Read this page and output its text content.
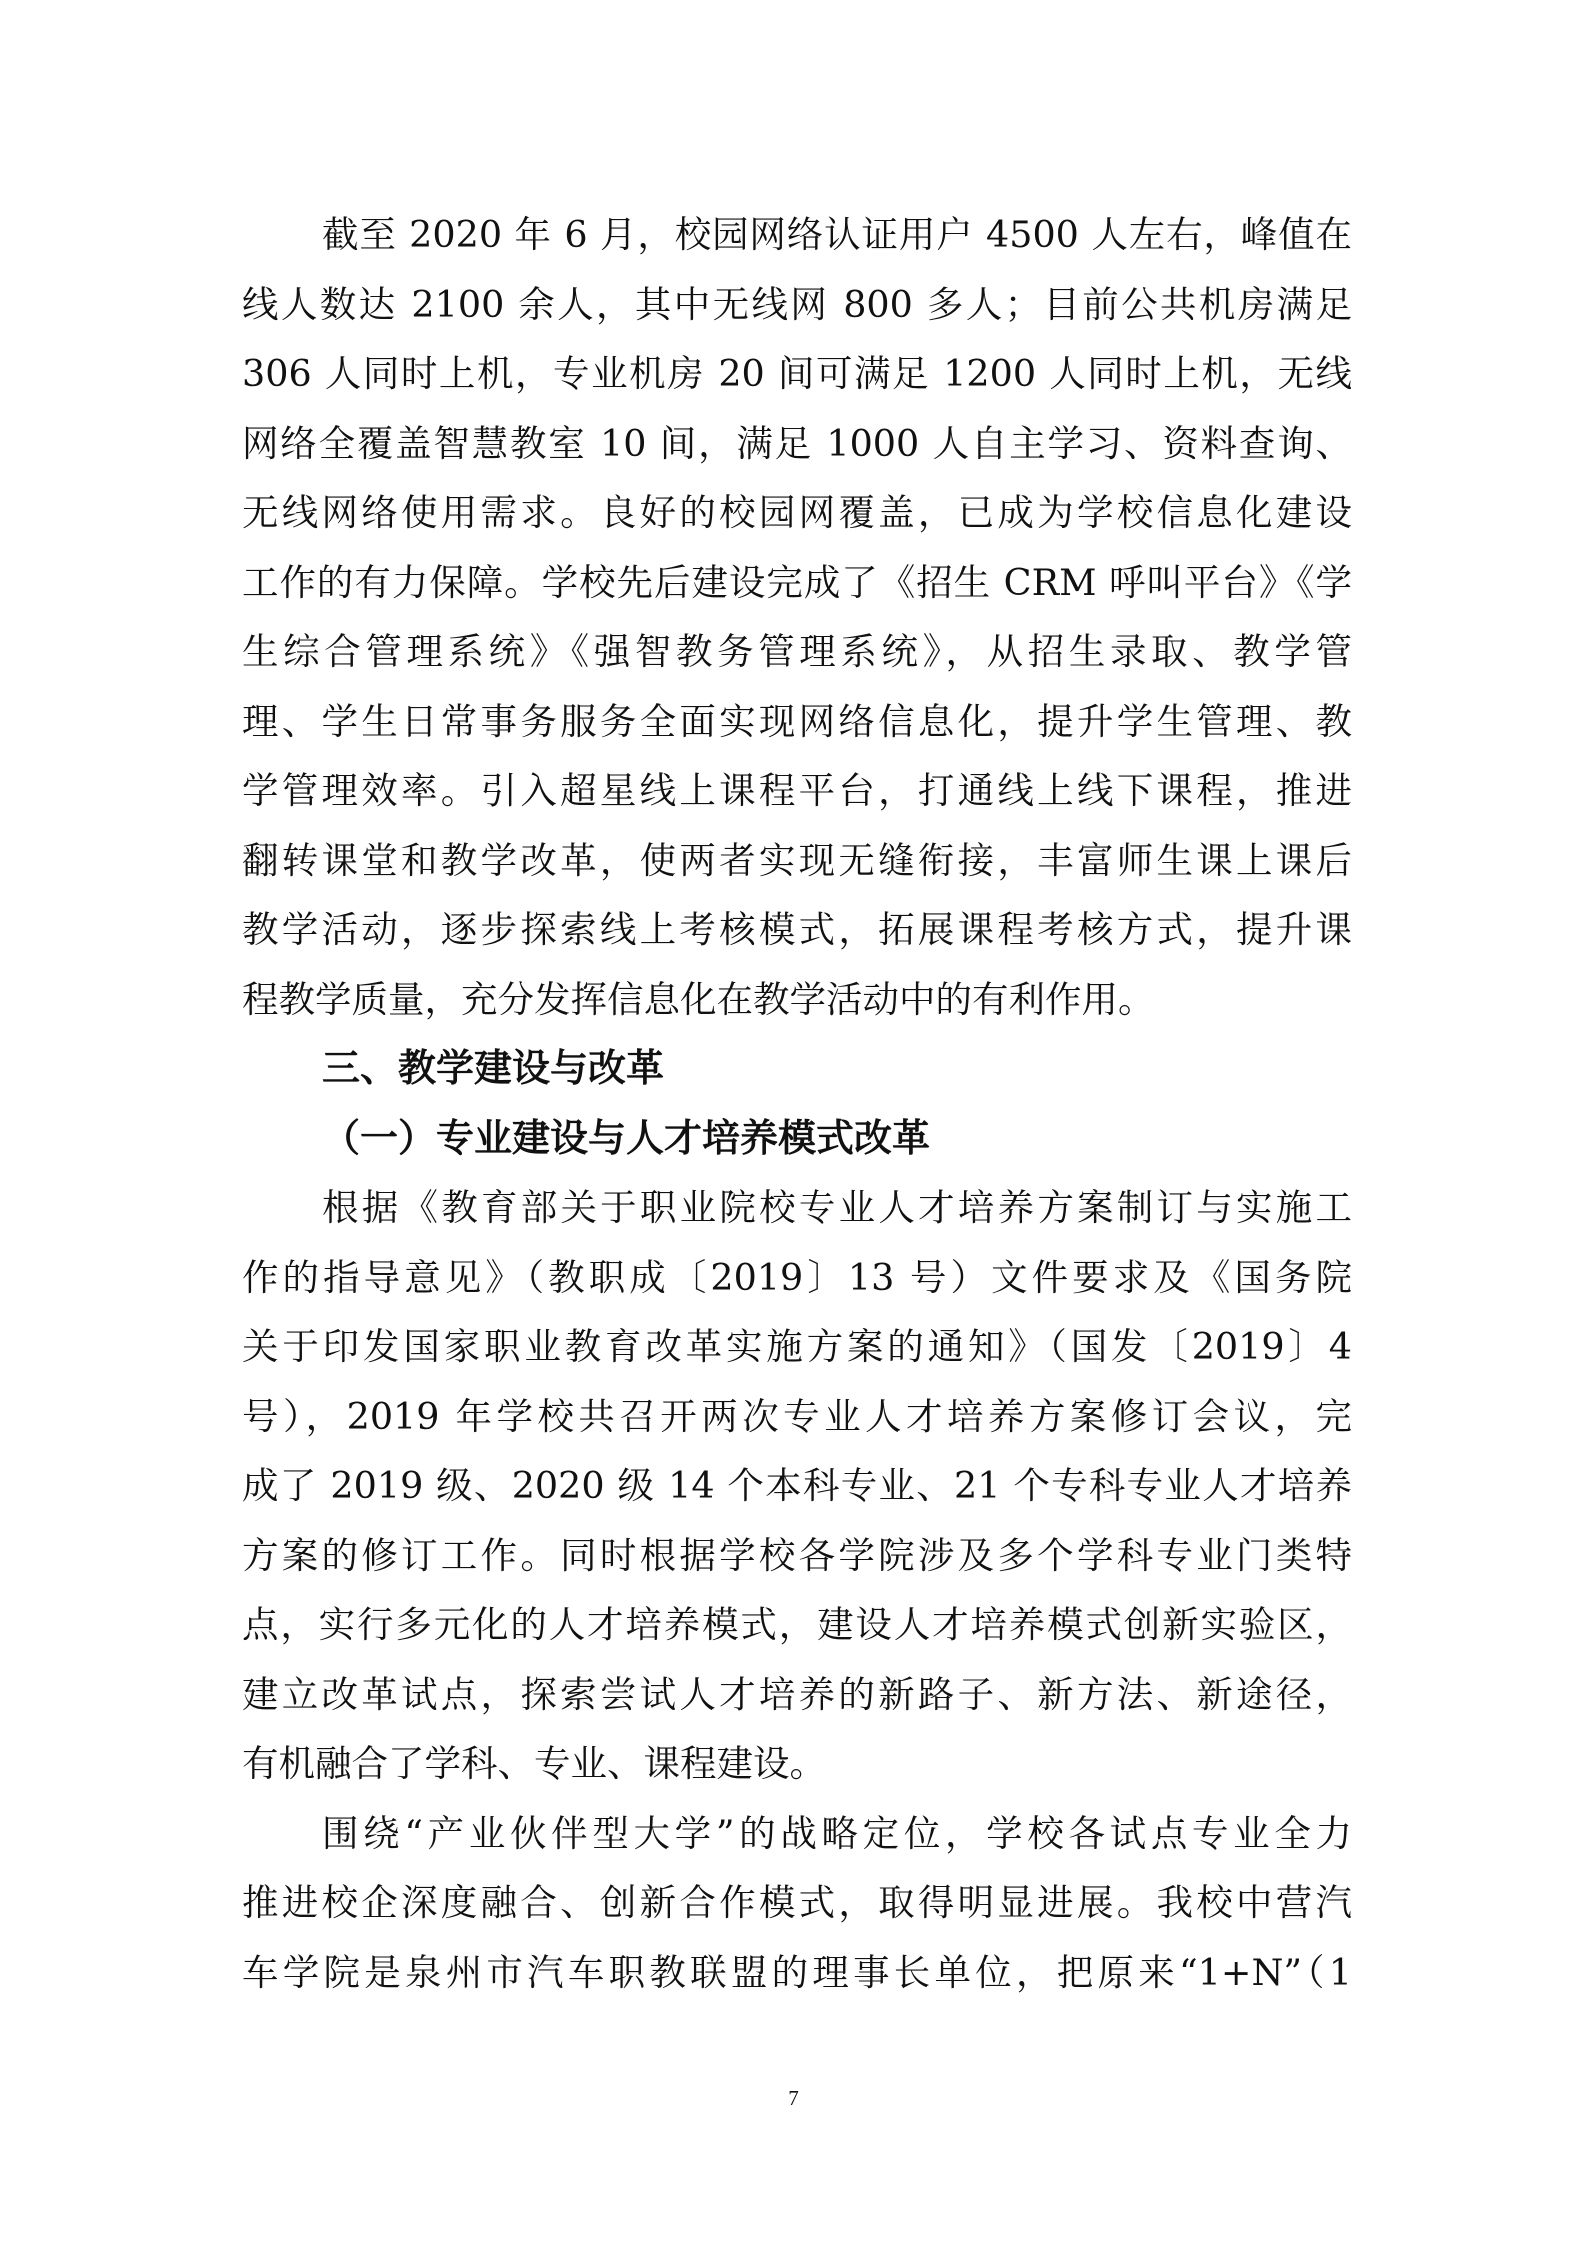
截至 2020 年 6 月，校园网络认证用户 4500 人左右，峰值在
线人数达 2100 余人，其中无线网 800 多人；目前公共机房满足
306 人同时上机，专业机房 20 间可满足 1200 人同时上机，无线
网络全覆盖智慧教室 10 间，满足 1000 人自主学习、资料查询、
无线网络使用需求。良好的校园网覆盖，已成为学校信息化建设
工作的有力保障。学校先后建设完成了《招生 CRM 呼叫平台》《学
生综合管理系统》《强智教务管理系统》，从招生录取、教学管
理、学生日常事务服务全面实现网络信息化，提升学生管理、教
学管理效率。引入超星线上课程平台，打通线上线下课程，推进
翻转课堂和教学改革，使两者实现无缝衔接，丰富师生课上课后
教学活动，逐步探索线上考核模式，拓展课程考核方式，提升课
程教学质量，充分发挥信息化在教学活动中的有利作用。
三、教学建设与改革
（一）专业建设与人才培养模式改革
根据《教育部关于职业院校专业人才培养方案制订与实施工
作的指导意见》（教职成〔2019〕13 号）文件要求及《国务院
关于印发国家职业教育改革实施方案的通知》（国发〔2019〕4
号），2019 年学校共召开两次专业人才培养方案修订会议，完
成了 2019 级、2020 级 14 个本科专业、21 个专科专业人才培养
方案的修订工作。同时根据学校各学院涉及多个学科专业门类特
点，实行多元化的人才培养模式，建设人才培养模式创新实验区，
建立改革试点，探索尝试人才培养的新路子、新方法、新途径，
有机融合了学科、专业、课程建设。
围绕“产业伙伴型大学”的战略定位，学校各试点专业全力
推进校企深度融合、创新合作模式，取得明显进展。我校中营汽
车学院是泉州市汽车职教联盟的理事长单位，把原来“1+N”（1
7
